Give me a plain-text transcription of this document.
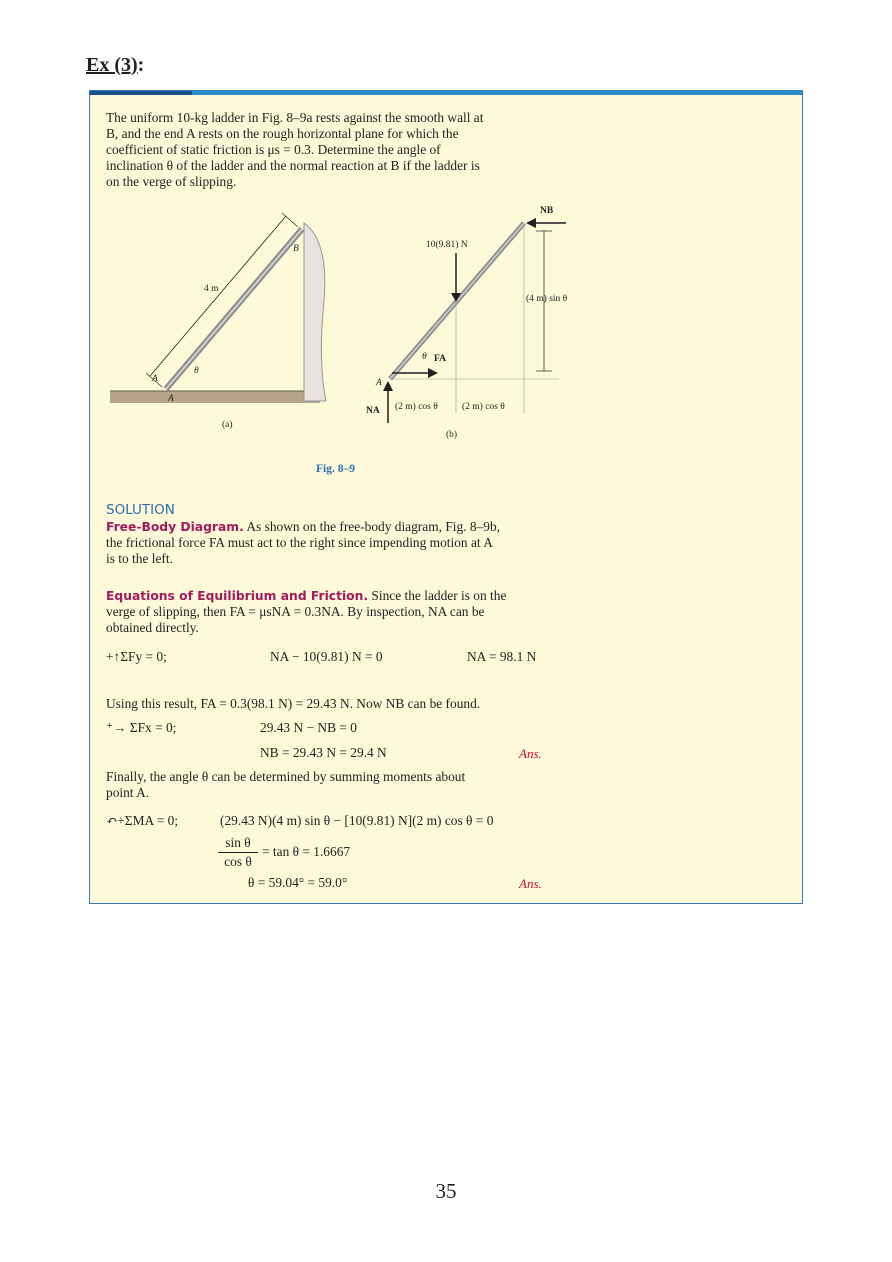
Ex (3):
The uniform 10-kg ladder in Fig. 8–9a rests against the smooth wall at
B, and the end A rests on the rough horizontal plane for which the
coefficient of static friction is μs = 0.3. Determine the angle of
inclination θ of the ladder and the normal reaction at B if the ladder is
on the verge of slipping.
4 m
B
A
A
θ
(a)
10(9.81) N
NB
(4 m) sin θ
FA
θ
A
NA (2 m) cos θ	(2 m) cos θ
(b)
Fig. 8–9
SOLUTION
Free-Body Diagram. As shown on the free-body diagram, Fig. 8–9b,
the frictional force FA must act to the right since impending motion at A
is to the left.
Equations of Equilibrium and Friction. Since the ladder is on the
verge of slipping, then FA = μsNA = 0.3NA. By inspection, NA can be
obtained directly.
+↑ΣFy = 0;	NA − 10(9.81) N = 0	NA = 98.1 N
Using this result, FA = 0.3(98.1 N) = 29.43 N. Now NB can be found.
⁺→ ΣFx = 0;	29.43 N − NB = 0
NB = 29.43 N = 29.4 N	Ans.
Finally, the angle θ can be determined by summing moments about
point A.
↶+ΣMA = 0;	(29.43 N)(4 m) sin θ − [10(9.81) N](2 m) cos θ = 0
sin θ
cos θ
= tan θ = 1.6667
θ = 59.04° = 59.0°	Ans.
35
